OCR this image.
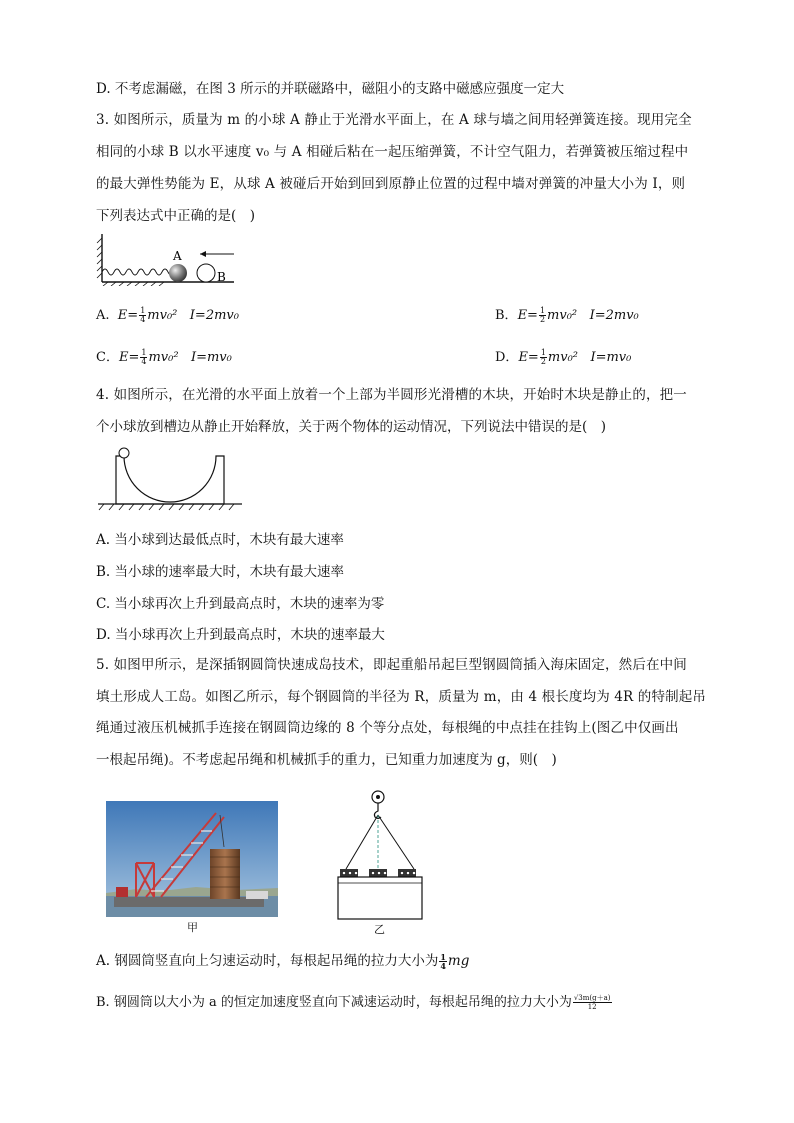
D. 不考虑漏磁，在图 3 所示的并联磁路中，磁阻小的支路中磁感应强度一定大
3. 如图所示，质量为 m 的小球 A 静止于光滑水平面上，在 A 球与墙之间用轻弹簧连接。现用完全
相同的小球 B 以水平速度 v₀ 与 A 相碰后粘在一起压缩弹簧，不计空气阻力，若弹簧被压缩过程中
的最大弹性势能为 E，从球 A 被碰后开始到回到原静止位置的过程中墙对弹簧的冲量大小为 I，则
下列表达式中正确的是(　)
A
B
A. $E= \frac{1}{4} mv_0^2$ I=2mv₀	B．$E= \frac{1}{2} mv_0^2$ I=2mv₀
C．$E= \frac{1}{4} mv_0^2$ I=mv₀	D．$E= \frac{1}{2} mv_0^2$ I=mv₀
4. 如图所示，在光滑的水平面上放着一个上部为半圆形光滑槽的木块，开始时木块是静止的，把一
个小球放到槽边从静止开始释放，关于两个物体的运动情况，下列说法中错误的是(　)
A. 当小球到达最低点时，木块有最大速率
B. 当小球的速率最大时，木块有最大速率
C. 当小球再次上升到最高点时，木块的速率为零
D. 当小球再次上升到最高点时，木块的速率最大
5. 如图甲所示，是深插钢圆筒快速成岛技术，即起重船吊起巨型钢圆筒插入海床固定，然后在中间
填土形成人工岛。如图乙所示，每个钢圆筒的半径为 R，质量为 m，由 4 根长度均为 4R 的特制起吊
绳通过液压机械抓手连接在钢圆筒边缘的 8 个等分点处，每根绳的中点挂在挂钩上(图乙中仅画出
一根起吊绳)。不考虑起吊绳和机械抓手的重力，已知重力加速度为 g，则(　)
甲	乙
A. 钢圆筒竖直向上匀速运动时，每根起吊绳的拉力大小为 $\frac{1}{4}$ mg
B. 钢圆筒以大小为 a 的恒定加速度竖直向下减速运动时，每根起吊绳的拉力大小为 $\frac{√3m(g+a)}{12}$
